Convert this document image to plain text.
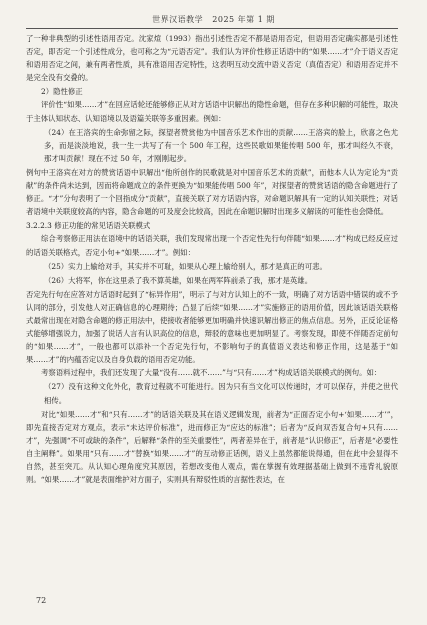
世界汉语教学 2025 年第 1 期

了一种非典型的引述性语用否定。沈家煊（1993）指出引述性否定不都是语用否定，但语用否定确实都是引述性否定，即否定一个引述性成分，也可称之为“元语否定”。我们认为评价性修正话语中的“如果……才”介于语义否定和语用否定之间，兼有两者性质，具有准语用否定特性，这表明互动交流中语义否定（真值否定）和语用否定并不是完全没有交叠的。

2）隐性修正

评价性“如果……才”在回应话轮还能够修正从对方话语中识解出的隐性命题，但存在多种识解的可能性，取决于主体认知状态、认知语境以及语篇关联等多重因素。例如：

（24）在王洛宾的生命弥留之际，探望者赞赏他为中国音乐艺术作出的贡献……王洛宾的脸上，欣喜之色尤多，而是淡淡地说，我一生一共写了有一个 500 年工程，这些民歌如果能传唱 500 年，那才叫经久不衰，那才叫贡献！现在不过 50 年，才刚刚起步。

例句中王洛宾在对方的赞赏话语中识解出“他所创作的民歌就是对中国音乐艺术的贡献”，而他本人认为定论为“贡献”的条件尚未达到，因而将命题成立的条件更换为“如果能传唱 500 年”，对探望者的赞赏话语的隐含命题进行了修正。“才”分句表明了一个回指成分“贡献”，直接关联了对方话语内容，对命题识解具有一定的认知关联性；对话者语境中关联度较高的内容，隐含命题的可及度会比较高，因此在命题识解时出现多义解读的可能性也会降低。

3.2.2.3 修正功能的常见话语关联模式

综合考察修正用法在语境中的话语关联，我们发现常出现一个否定性先行句伴随“如果……才”构成已经反应过的话语关联格式，否定小句+“如果……才”。例如：

（25）实力上输给对手，其实并不可耻，如果从心理上输给别人，那才是真正的可悲。

（26）大将军，你在这里杀了我不算英雄，如果在两军阵前杀了我，那才是英雄。

否定先行句在应答对方话语时起到了“标异作用”，明示了与对方认知上的不一致，明确了对方话语中错误的或不予认同的部分，引发他人对正确信息的心理期待；凸显了后续“如果……才”实施修正的语用价值，因此该话语关联格式最常出现在对隐含命题的修正用法中，使接收者能够更加明确并快速识解出修正的焦点信息。另外，正反论证格式能够增强说力，加强了说话人言有认识高位的信息，辩驳的意味也更加明显了。考察发现，即使不伴随否定前句的“如果……才”，一般也都可以添补一个否定先行句，不影响句子的真值语义表达和修正作用，这是基于“如果……才”的内蕴否定以及自身负载的语用否定功能。

考察语料过程中，我们还发现了大量“没有……就不……”与“只有……才”构成话语关联模式的例句。如：

（27）没有这种文化外化，教育过程就不可能进行。因为只有当文化可以传递时，才可以保存，并使之世代相传。

对比“如果……才”和“只有……才”的话语关联及其在语义逻辑发现，前者为“正面否定小句+‘如果……才’”，即先直接否定对方观点，表示“未达评价标准”，进而修正为“应达的标准”；后者为“反向双否复合句+只有……才”，先强调“不可或缺的条件”，后解释“条件的至关重要性”，两者差异在于，前者是“认识修正”，后者是“必要性自主阐释”。如果用“只有……才”替换“如果……才”的互动修正话例，语义上虽然都能说得通，但在此中会显得不自然，甚至突兀。从认知心理角度究其原因，若想改变他人观点，需在掌握有效理据基础上做到不违背礼貌原则。“如果……才”就是表面维护对方面子，实则具有辩驳性质的言据性表达，在

72
